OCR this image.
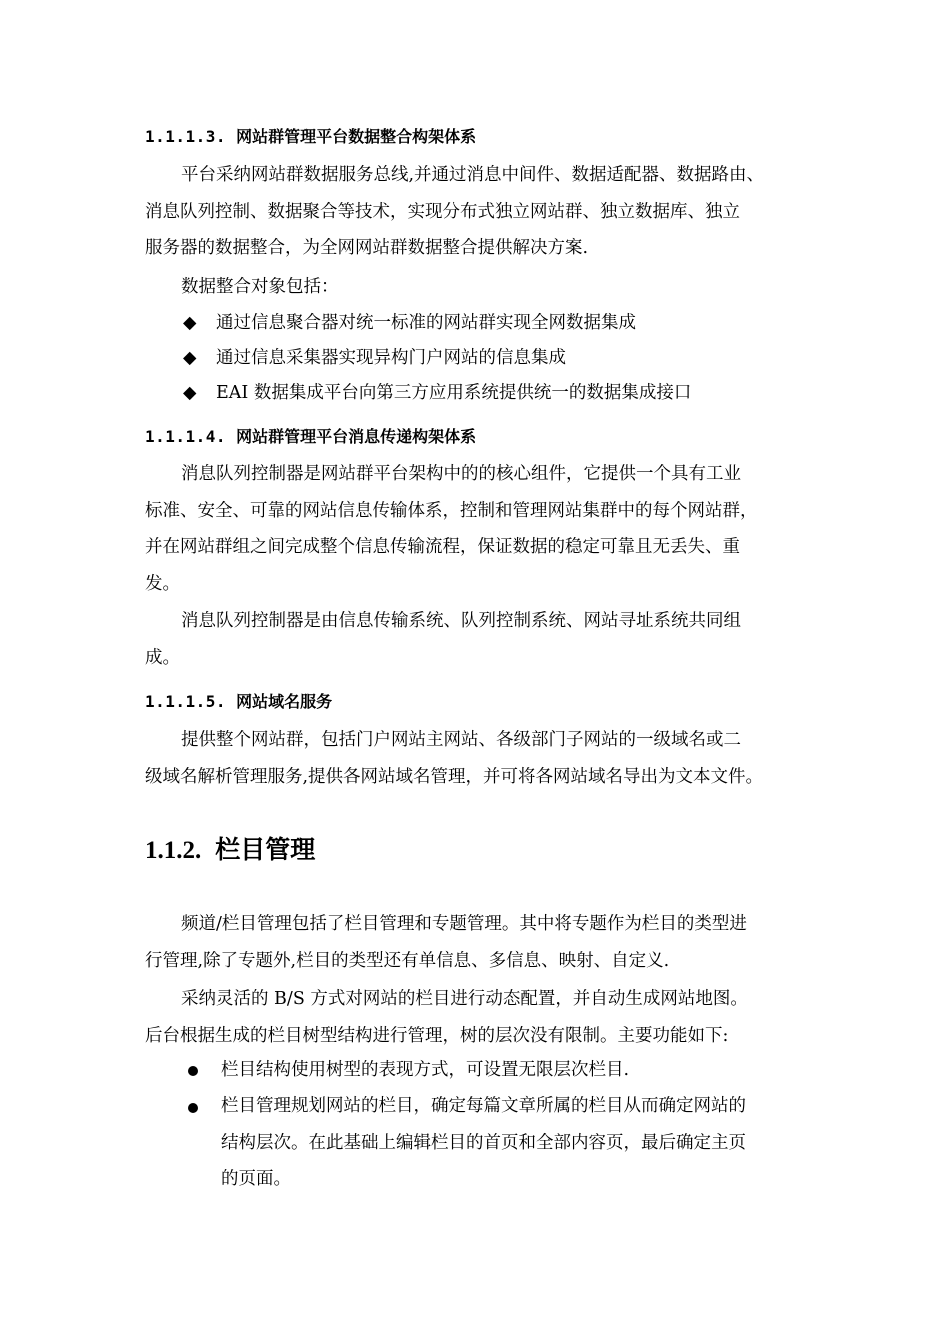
1.1.1.3. 网站群管理平台数据整合构架体系
平台采纳网站群数据服务总线,并通过消息中间件、数据适配器、数据路由、
消息队列控制、数据聚合等技术，实现分布式独立网站群、独立数据库、独立
服务器的数据整合，为全网网站群数据整合提供解决方案.
数据整合对象包括：
◆ 通过信息聚合器对统一标准的网站群实现全网数据集成
◆ 通过信息采集器实现异构门户网站的信息集成
◆ EAI 数据集成平台向第三方应用系统提供统一的数据集成接口
1.1.1.4. 网站群管理平台消息传递构架体系
消息队列控制器是网站群平台架构中的的核心组件，它提供一个具有工业
标准、安全、可靠的网站信息传输体系，控制和管理网站集群中的每个网站群，
并在网站群组之间完成整个信息传输流程，保证数据的稳定可靠且无丢失、重
发。
消息队列控制器是由信息传输系统、队列控制系统、网站寻址系统共同组
成。
1.1.1.5. 网站域名服务
提供整个网站群，包括门户网站主网站、各级部门子网站的一级域名或二
级域名解析管理服务,提供各网站域名管理，并可将各网站域名导出为文本文件。
1.1.2. 栏目管理
频道/栏目管理包括了栏目管理和专题管理。其中将专题作为栏目的类型进
行管理,除了专题外,栏目的类型还有单信息、多信息、映射、自定义.
采纳灵活的 B/S 方式对网站的栏目进行动态配置，并自动生成网站地图。
后台根据生成的栏目树型结构进行管理，树的层次没有限制。主要功能如下:
栏目结构使用树型的表现方式，可设置无限层次栏目.
栏目管理规划网站的栏目，确定每篇文章所属的栏目从而确定网站的
结构层次。在此基础上编辑栏目的首页和全部内容页，最后确定主页
的页面。
